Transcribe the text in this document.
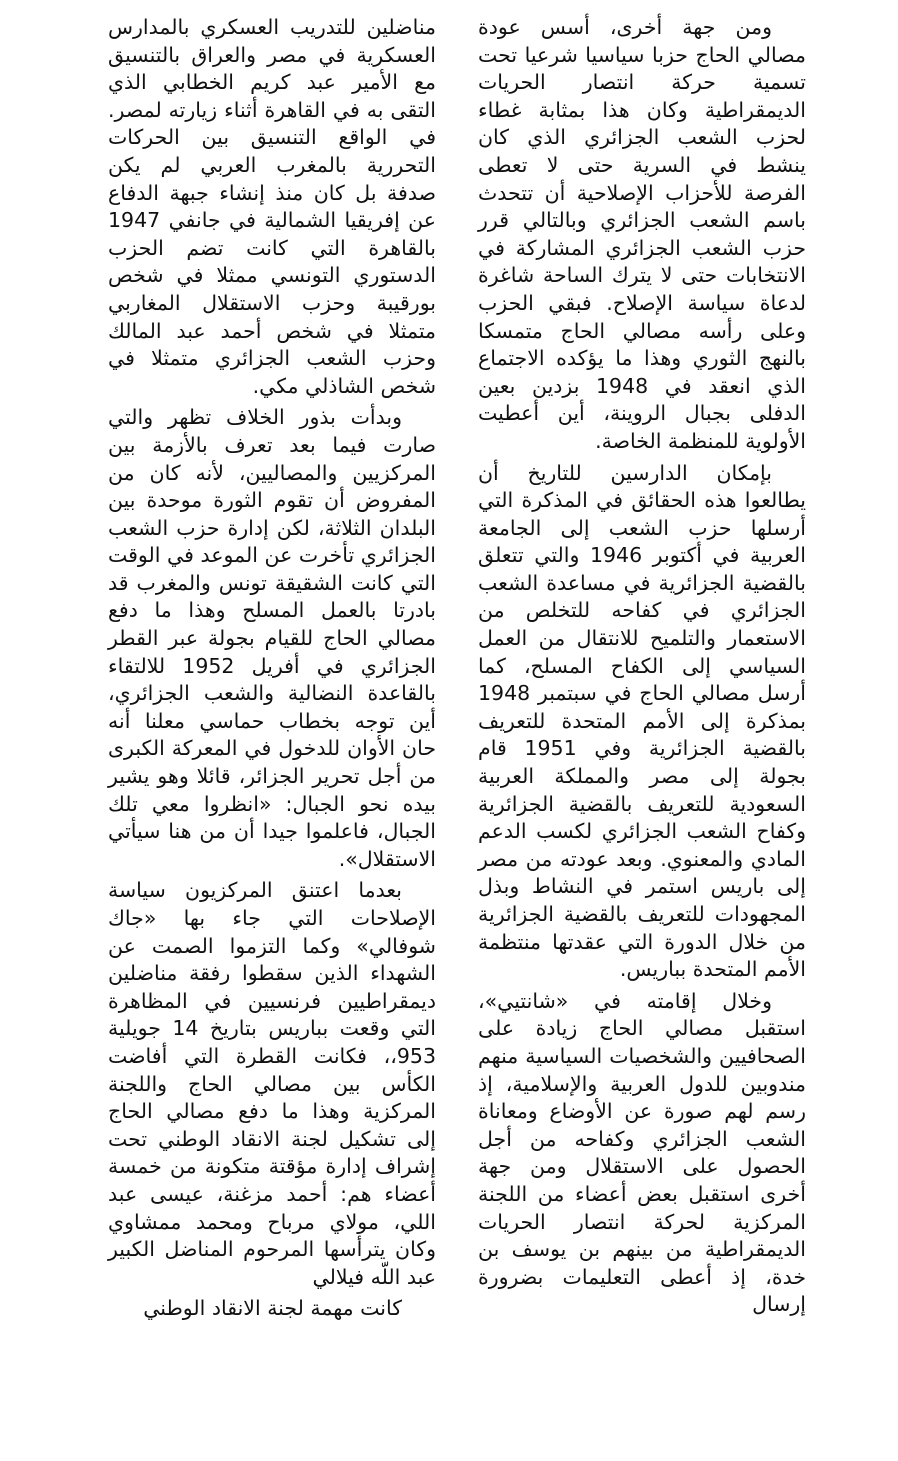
ومن جهة أخرى، أسس عودة مصالي الحاج حزبا سياسيا شرعيا تحت تسمية حركة انتصار الحريات الديمقراطية وكان هذا بمثابة غطاء لحزب الشعب الجزائري الذي كان ينشط في السرية حتى لا تعطى الفرصة للأحزاب الإصلاحية أن تتحدث باسم الشعب الجزائري وبالتالي قرر حزب الشعب الجزائري المشاركة في الانتخابات حتى لا يترك الساحة شاغرة لدعاة سياسة الإصلاح. فبقي الحزب وعلى رأسه مصالي الحاج متمسكا بالنهج الثوري وهذا ما يؤكده الاجتماع الذي انعقد في 1948 بزدين بعين الدفلى بجبال الروينة، أين أعطيت الأولوية للمنظمة الخاصة.

بإمكان الدارسين للتاريخ أن يطالعوا هذه الحقائق في المذكرة التي أرسلها حزب الشعب إلى الجامعة العربية في أكتوبر 1946 والتي تتعلق بالقضية الجزائرية في مساعدة الشعب الجزائري في كفاحه للتخلص من الاستعمار والتلميح للانتقال من العمل السياسي إلى الكفاح المسلح، كما أرسل مصالي الحاج في سبتمبر 1948 بمذكرة إلى الأمم المتحدة للتعريف بالقضية الجزائرية وفي 1951 قام بجولة إلى مصر والمملكة العربية السعودية للتعريف بالقضية الجزائرية وكفاح الشعب الجزائري لكسب الدعم المادي والمعنوي. وبعد عودته من مصر إلى باريس استمر في النشاط وبذل المجهودات للتعريف بالقضية الجزائرية من خلال الدورة التي عقدتها منتظمة الأمم المتحدة بباريس.

وخلال إقامته في «شانتيي»، استقبل مصالي الحاج زيادة على الصحافيين والشخصيات السياسية منهم مندوبين للدول العربية والإسلامية، إذ رسم لهم صورة عن الأوضاع ومعاناة الشعب الجزائري وكفاحه من أجل الحصول على الاستقلال ومن جهة أخرى استقبل بعض أعضاء من اللجنة المركزية لحركة انتصار الحريات الديمقراطية من بينهم بن يوسف بن خدة، إذ أعطى التعليمات بضرورة إرسال

مناضلين للتدريب العسكري بالمدارس العسكرية في مصر والعراق بالتنسيق مع الأمير عبد كريم الخطابي الذي التقى به في القاهرة أثناء زيارته لمصر. في الواقع التنسيق بين الحركات التحررية بالمغرب العربي لم يكن صدفة بل كان منذ إنشاء جبهة الدفاع عن إفريقيا الشمالية في جانفي 1947 بالقاهرة التي كانت تضم الحزب الدستوري التونسي ممثلا في شخص بورقيبة وحزب الاستقلال المغاربي متمثلا في شخص أحمد عبد المالك وحزب الشعب الجزائري متمثلا في شخص الشاذلي مكي.

وبدأت بذور الخلاف تظهر والتي صارت فيما بعد تعرف بالأزمة بين المركزيين والمصاليين، لأنه كان من المفروض أن تقوم الثورة موحدة بين البلدان الثلاثة، لكن إدارة حزب الشعب الجزائري تأخرت عن الموعد في الوقت التي كانت الشقيقة تونس والمغرب قد بادرتا بالعمل المسلح وهذا ما دفع مصالي الحاج للقيام بجولة عبر القطر الجزائري في أفريل 1952 للالتقاء بالقاعدة النضالية والشعب الجزائري، أين توجه بخطاب حماسي معلنا أنه حان الأوان للدخول في المعركة الكبرى من أجل تحرير الجزائر، قائلا وهو يشير بيده نحو الجبال: «انظروا معي تلك الجبال، فاعلموا جيدا أن من هنا سيأتي الاستقلال».

بعدما اعتنق المركزيون سياسة الإصلاحات التي جاء بها «جاك شوفالي» وكما التزموا الصمت عن الشهداء الذين سقطوا رفقة مناضلين ديمقراطيين فرنسيين في المظاهرة التي وقعت بباريس بتاريخ 14 جويلية 953،، فكانت القطرة التي أفاضت الكأس بين مصالي الحاج واللجنة المركزية وهذا ما دفع مصالي الحاج إلى تشكيل لجنة الانقاد الوطني تحت إشراف إدارة مؤقتة متكونة من خمسة أعضاء هم: أحمد مزغنة، عيسى عبد اللي، مولاي مرباح ومحمد ممشاوي وكان يترأسها المرحوم المناضل الكبير عبد اللّه فيلالي

كانت مهمة لجنة الانقاد الوطني
